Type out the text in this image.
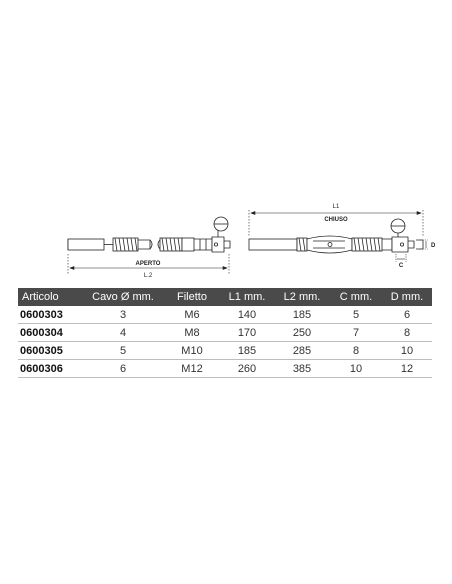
APERTO
L.2
L1
CHIUSO
C
D
Articolo	Cavo Ø mm.	Filetto	L1 mm.	L2 mm.	C mm.	D mm.
0600303	3	M6	140	185	5	6
0600304	4	M8	170	250	7	8
0600305	5	M10	185	285	8	10
0600306	6	M12	260	385	10	12
